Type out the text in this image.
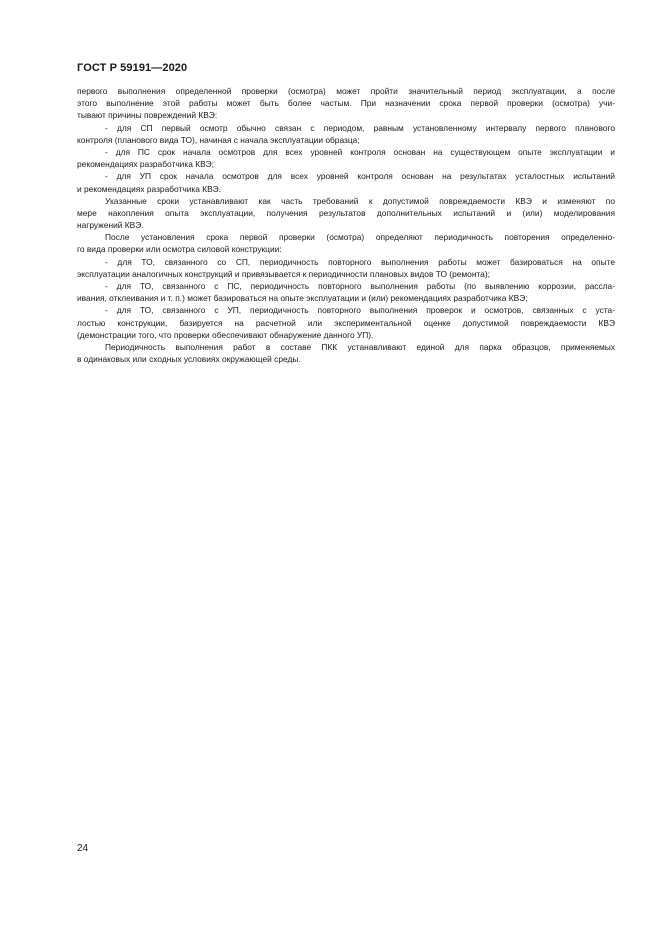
ГОСТ Р 59191—2020
первого выполнения определенной проверки (осмотра) может пройти значительный период эксплуатации, а после
этого выполнение этой работы может быть более частым. При назначении срока первой проверки (осмотра) учи-
тывают причины повреждений КВЭ:
- для СП первый осмотр обычно связан с периодом, равным установленному интервалу первого планового
контроля (планового вида ТО), начиная с начала эксплуатации образца;
- для ПС срок начала осмотров для всех уровней контроля основан на существующем опыте эксплуатации и
рекомендациях разработчика КВЭ;
- для УП срок начала осмотров для всех уровней контроля основан на результатах усталостных испытаний
и рекомендациях разработчика КВЭ.
Указанные сроки устанавливают как часть требований к допустимой повреждаемости КВЭ и изменяют по
мере накопления опыта эксплуатации, получения результатов дополнительных испытаний и (или) моделирования
нагружений КВЭ.
После установления срока первой проверки (осмотра) определяют периодичность повторения определенно-
го вида проверки или осмотра силовой конструкции:
- для ТО, связанного со СП, периодичность повторного выполнения работы может базироваться на опыте
эксплуатации аналогичных конструкций и привязывается к периодичности плановых видов ТО (ремонта);
- для ТО, связанного с ПС, периодичность повторного выполнения работы (по выявлению коррозии, рассла-
ивания, отклеивания и т. п.) может базироваться на опыте эксплуатации и (или) рекомендациях разработчика КВЭ;
- для ТО, связанного с УП, периодичность повторного выполнения проверок и осмотров, связанных с уста-
лостью конструкции, базируется на расчетной или экспериментальной оценке допустимой повреждаемости КВЭ
(демонстрации того, что проверки обеспечивают обнаружение данного УП).
Периодичность выполнения работ в составе ПКК устанавливают единой для парка образцов, применяемых
в одинаковых или сходных условиях окружающей среды.
24
